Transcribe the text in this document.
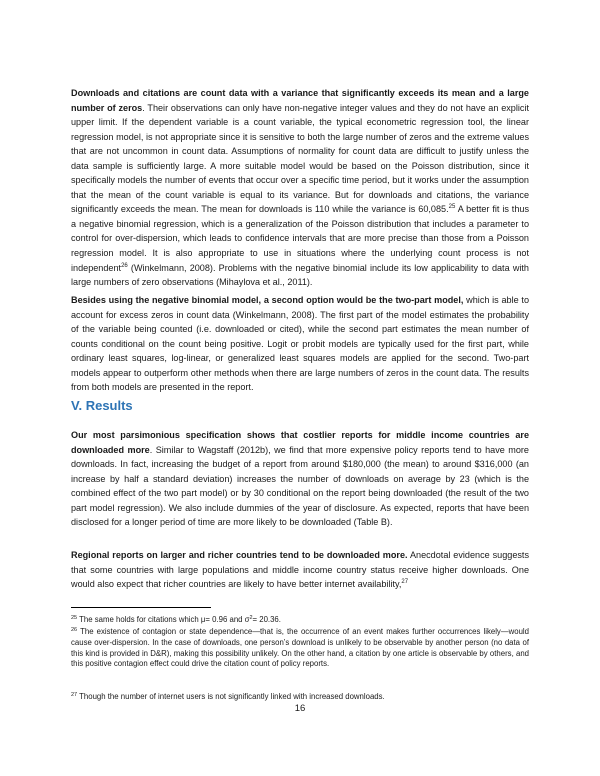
Downloads and citations are count data with a variance that significantly exceeds its mean and a large number of zeros. Their observations can only have non-negative integer values and they do not have an explicit upper limit. If the dependent variable is a count variable, the typical econometric regression tool, the linear regression model, is not appropriate since it is sensitive to both the large number of zeros and the extreme values that are not uncommon in count data. Assumptions of normality for count data are difficult to justify unless the data sample is sufficiently large. A more suitable model would be based on the Poisson distribution, since it specifically models the number of events that occur over a specific time period, but it works under the assumption that the mean of the count variable is equal to its variance. But for downloads and citations, the variance significantly exceeds the mean. The mean for downloads is 110 while the variance is 60,085.25 A better fit is thus a negative binomial regression, which is a generalization of the Poisson distribution that includes a parameter to control for over-dispersion, which leads to confidence intervals that are more precise than those from a Poisson regression model. It is also appropriate to use in situations where the underlying count process is not independent$^{26}$ (Winkelmann, 2008). Problems with the negative binomial include its low applicability to data with large numbers of zero observations (Mihaylova et al., 2011).

Besides using the negative binomial model, a second option would be the two-part model, which is able to account for excess zeros in count data (Winkelmann, 2008). The first part of the model estimates the probability of the variable being counted (i.e. downloaded or cited), while the second part estimates the mean number of counts conditional on the count being positive. Logit or probit models are typically used for the first part, while ordinary least squares, log-linear, or generalized least squares models are applied for the second. Two-part models appear to outperform other methods when there are large numbers of zeros in the count data. The results from both models are presented in the report.

V. Results

Our most parsimonious specification shows that costlier reports for middle income countries are downloaded more. Similar to Wagstaff (2012b), we find that more expensive policy reports tend to have more downloads. In fact, increasing the budget of a report from around $180,000 (the mean) to around $316,000 (an increase by half a standard deviation) increases the number of downloads on average by 23 (which is the combined effect of the two part model) or by 30 conditional on the report being downloaded (the result of the two part model regression). We also include dummies of the year of disclosure. As expected, reports that have been disclosed for a longer period of time are more likely to be downloaded (Table B).

Regional reports on larger and richer countries tend to be downloaded more. Anecdotal evidence suggests that some countries with large populations and middle income country status receive higher downloads. One would also expect that richer countries are likely to have better internet availability,$^{27}$

$^{25}$ The same holds for citations which μ= 0.96 and $\sigma^2= 20.36$.

$^{26}$ The existence of contagion or state dependence—that is, the occurrence of an event makes further occurrences likely—would cause over-dispersion. In the case of downloads, one person’s download is unlikely to be observable by another person (no data of this kind is provided in D&R), making this possibility unlikely. On the other hand, a citation by one article is observable by others, and this positive contagion effect could drive the citation count of policy reports.

$^{27}$ Though the number of internet users is not significantly linked with increased downloads.

16
